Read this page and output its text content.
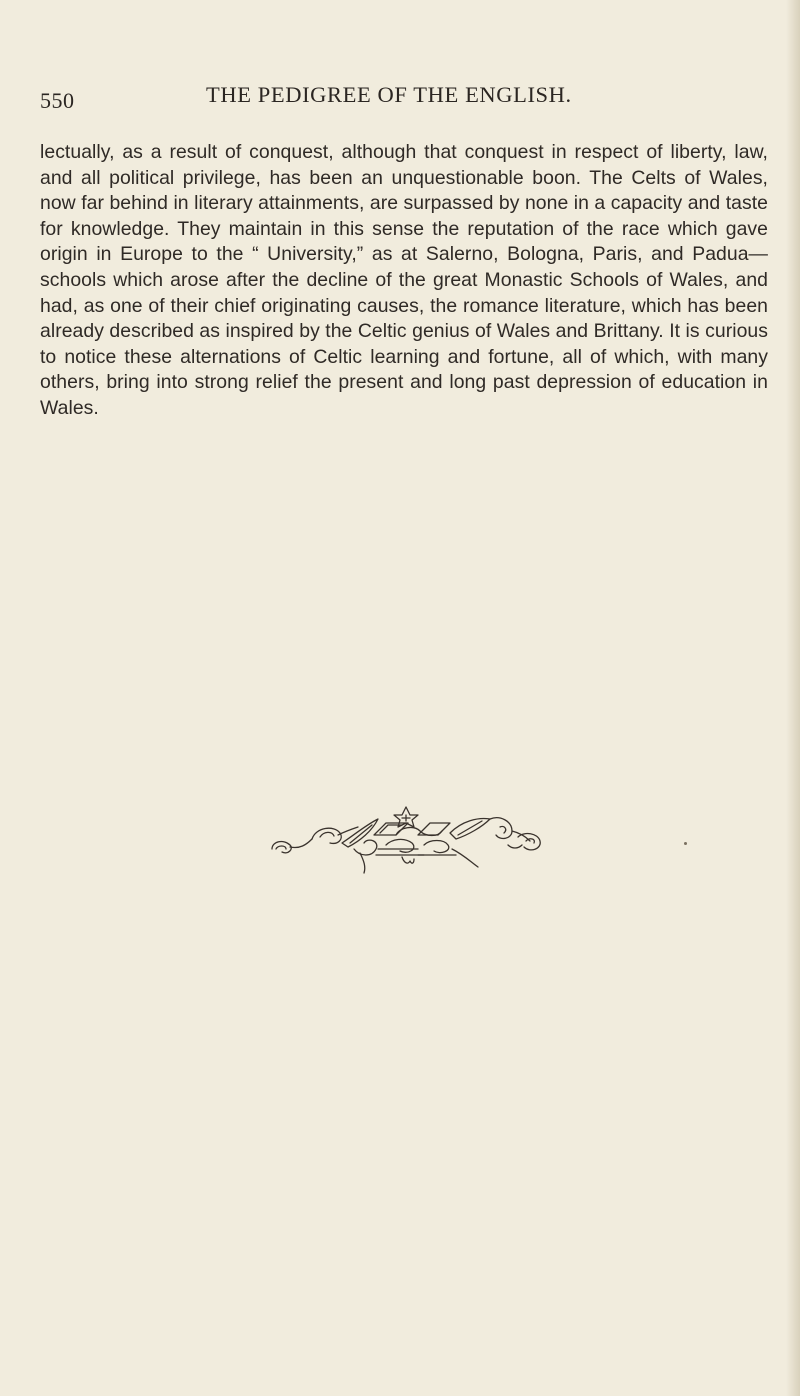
550	THE PEDIGREE OF THE ENGLISH.

lectually, as a result of conquest, although that conquest in respect of liberty, law, and all political privilege, has been an unquestionable boon. The Celts of Wales, now far behind in literary attainments, are surpassed by none in a capacity and taste for knowledge. They maintain in this sense the reputation of the race which gave origin in Europe to the “ University,” as at Salerno, Bologna, Paris, and Padua—schools which arose after the decline of the great Monastic Schools of Wales, and had, as one of their chief originating causes, the romance literature, which has been already described as inspired by the Celtic genius of Wales and Brittany. It is curious to notice these alternations of Celtic learning and fortune, all of which, with many others, bring into strong relief the present and long past depression of education in Wales.
